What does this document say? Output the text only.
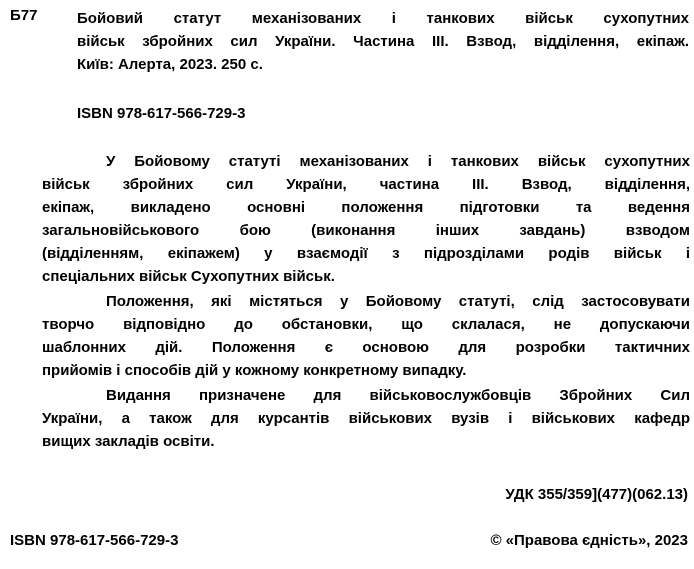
Б77	Бойовий статут механізованих і танкових військ сухопутних
військ збройних сил України. Частина ІІІ. Взвод, відділення, екіпаж.
Київ: Алерта, 2023. 250 с.
ISBN 978-617-566-729-3
У Бойовому статуті механізованих і танкових військ сухопутних
військ збройних сил України, частина ІІІ. Взвод, відділення,
екіпаж, викладено основні положення підготовки та ведення
загальновійськового бою (виконання інших завдань) взводом
(відділенням, екіпажем) у взаємодії з підрозділами родів військ і
спеціальних військ Сухопутних військ.
Положення, які містяться у Бойовому статуті, слід застосовувати
творчо відповідно до обстановки, що склалася, не допускаючи
шаблонних дій. Положення є основою для розробки тактичних
прийомів і способів дій у кожному конкретному випадку.
Видання призначене для військовослужбовців Збройних Сил
України, а також для курсантів військових вузів і військових кафедр
вищих закладів освіти.
УДК 355/359](477)(062.13)
ISBN 978-617-566-729-3	© «Правова єдність», 2023
